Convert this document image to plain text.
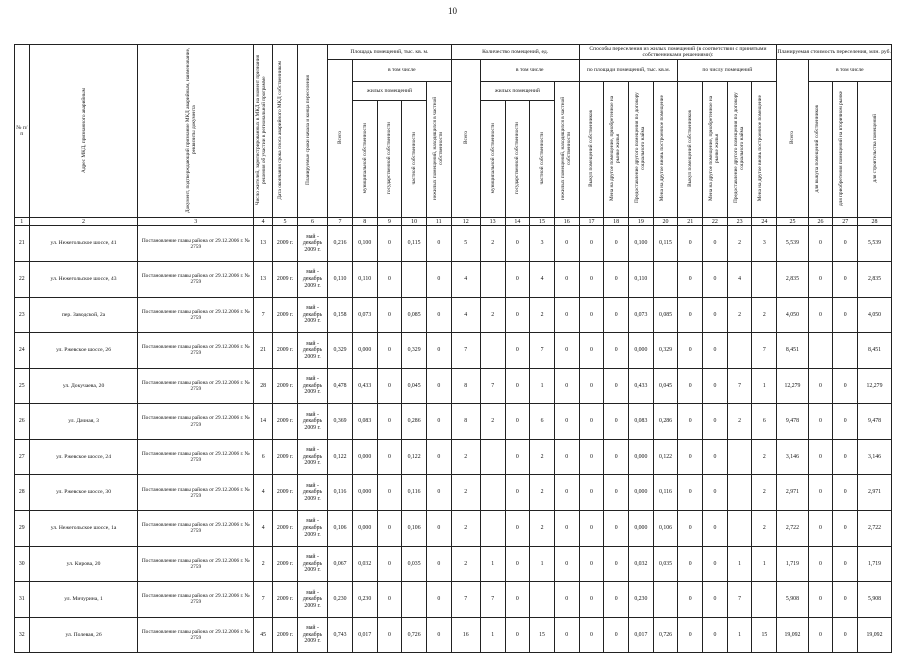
10
№ п/п	Адрес МКД, признанного аварийным	Документ, подтверждающий признание МКД аварийным, наименование, реквизиты документа	Число жителей, зарегистрированных в МКД на момент признания решения об участии в региональной программе	Дата окончания срока сноса аварийного МКД собственником	Планируемые сроки начала и конца переселения	Площадь помещений, тыс. кв. м.					Количество помещений, ед.					Способы переселения из жилых помещений (в соответствии с принятыми собственниками решениями):								Планируемая стоимость переселения, млн. руб.			
						Всего	в том числе				Всего	в том числе				по площади помещений, тыс. кв.м.				по числу помещений				Всего	в том числе		
							жилых помещений			нежилых помещений, находящихся в частной собственности		жилых помещений			нежилых помещений, находящихся в частной собственности	Выкуп помещений собственников	Мена на другое помещение, приобретенное на рынке жилья	Предоставление другого помещения по договору социального найма	Мена на другое вновь построенное помещение	Выкуп помещений собственников	Мена на другое помещение, приобретенное на рынке жилья	Предоставление другого помещения по договору социального найма	Мена на другое вновь построенное помещение		для выкупа помещений собственников	для приобретения помещений на вторичном рынке	для строительства помещений
							муниципальной собственности	государственной собственности	частной собственности			муниципальной собственности	государственной собственности	частной собственности													
1	2	3	4	5	6	7	8	9	10	11	12	13	14	15	16	17	18	19	20	21	22	23	24	25	26	27	28
21	ул. Нежегольское шоссе, 41	Постановление главы района от 29.12.2006 г. № 2759	13	2009 г.	май - декабрь 2009 г.	0,216	0,100	0	0,115	0	5	2	0	3	0	0	0	0,100	0,115	0	0	2	3	5,539	0	0	5,539
22	ул. Нежегольское шоссе, 43	Постановление главы района от 29.12.2006 г. № 2759	13	2009 г.	май - декабрь 2009 г.	0,110	0,110	0		0	4		0	4	0	0	0	0,110		0	0	4		2,835	0	0	2,835
23	пер. Заводской, 2а	Постановление главы района от 29.12.2006 г. № 2759	7	2009 г.	май - декабрь 2009 г.	0,158	0,073	0	0,085	0	4	2	0	2	0	0	0	0,073	0,085	0	0	2	2	4,050	0	0	4,050
24	ул. Ржевское шоссе, 26	Постановление главы района от 29.12.2006 г. № 2759	21	2009 г.	май - декабрь 2009 г.	0,329	0,000	0	0,329	0	7		0	7	0	0	0	0,000	0,329	0	0		7	8,451			8,451
25	ул. Докучаева, 20	Постановление главы района от 29.12.2006 г. № 2759	28	2009 г.	май - декабрь 2009 г.	0,478	0,433	0	0,045	0	8	7	0	1	0	0	0	0,433	0,045	0	0	7	1	12,279	0	0	12,279
26	ул. Дачная, 3	Постановление главы района от 29.12.2006 г. № 2759	14	2009 г.	май - декабрь 2009 г.	0,369	0,083	0	0,286	0	8	2	0	6	0	0	0	0,083	0,286	0	0	2	6	9,478	0	0	9,478
27	ул. Ржевское шоссе, 24	Постановление главы района от 29.12.2006 г. № 2759	6	2009 г.	май - декабрь 2009 г.	0,122	0,000	0	0,122	0	2		0	2	0	0	0	0,000	0,122	0	0		2	3,146	0	0	3,146
28	ул. Ржевское шоссе, 30	Постановление главы района от 29.12.2006 г. № 2759	4	2009 г.	май - декабрь 2009 г.	0,116	0,000	0	0,116	0	2		0	2	0	0	0	0,000	0,116	0	0		2	2,971	0	0	2,971
29	ул. Нежегольское шоссе, 1а	Постановление главы района от 29.12.2006 г. № 2759	4	2009 г.	май - декабрь 2009 г.	0,106	0,000	0	0,106	0	2		0	2	0	0	0	0,000	0,106	0	0		2	2,722	0	0	2,722
30	ул. Кирова, 20	Постановление главы района от 29.12.2006 г. № 2759	2	2009 г.	май - декабрь 2009 г.	0,067	0,032	0	0,035	0	2	1	0	1	0	0	0	0,032	0,035	0	0	1	1	1,719	0	0	1,719
31	ул. Мичурина, 1	Постановление главы района от 29.12.2006 г. № 2759	7	2009 г.	май - декабрь 2009 г.	0,230	0,230	0		0	7	7	0		0	0	0	0,230		0	0	7		5,908	0	0	5,908
32	ул. Полевая, 26	Постановление главы района от 29.12.2006 г. № 2759	45	2009 г.	май - декабрь 2009 г.	0,743	0,017	0	0,726	0	16	1	0	15	0	0	0	0,017	0,726	0	0	1	15	19,092	0	0	19,092
